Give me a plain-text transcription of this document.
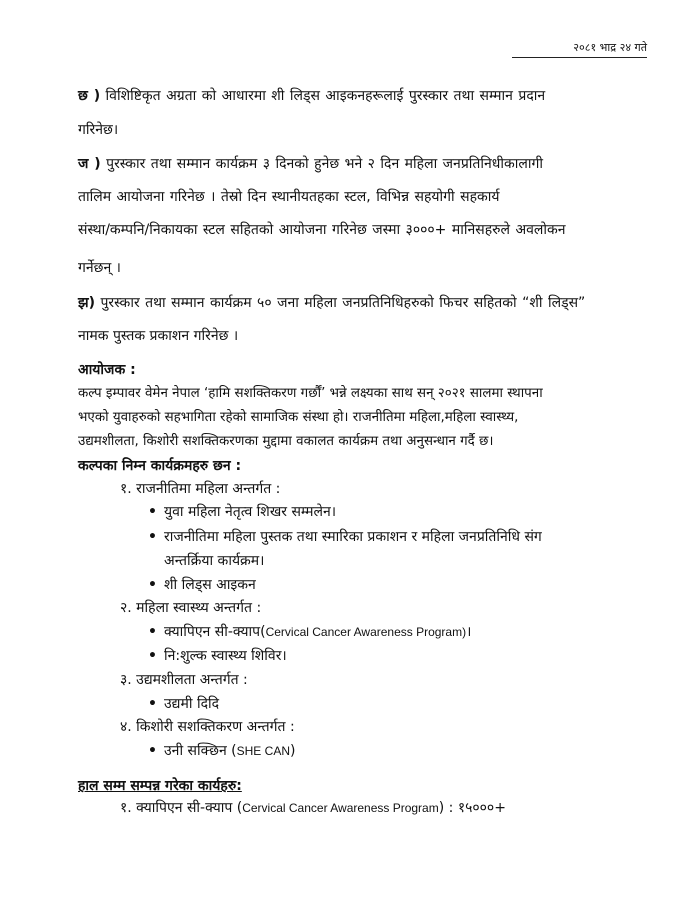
२०८१ भाद्र २४ गते
छ ) विशिष्टिकृत अग्रता को आधारमा शी लिड्स आइकनहरूलाई पुरस्कार तथा सम्मान प्रदान
गरिनेछ।
ज ) पुरस्कार तथा सम्मान कार्यक्रम ३ दिनको हुनेछ भने २ दिन महिला जनप्रतिनिधीकालागी
तालिम आयोजना गरिनेछ । तेस्रो दिन स्थानीयतहका स्टल, विभिन्न सहयोगी सहकार्य
संस्था/कम्पनि/निकायका स्टल सहितको आयोजना गरिनेछ जस्मा ३०००+ मानिसहरुले अवलोकन
गर्नेछन् ।
झ) पुरस्कार तथा सम्मान कार्यक्रम ५० जना महिला जनप्रतिनिधिहरुको फिचर सहितको “शी लिड्स”
नामक पुस्तक प्रकाशन गरिनेछ ।
आयोजक :
कल्प इम्पावर वेमेन नेपाल ‘हामि सशक्तिकरण गर्छौं’ भन्ने लक्ष्यका साथ सन् २०२१ सालमा स्थापना
भएको युवाहरुको सहभागिता रहेको सामाजिक संस्था हो। राजनीतिमा महिला,महिला स्वास्थ्य,
उद्यमशीलता, किशोरी सशक्तिकरणका मुद्दामा वकालत कार्यक्रम तथा अनुसन्धान गर्दै छ।
कल्पका निम्न कार्यक्रमहरु छन :
१. राजनीतिमा महिला अन्तर्गत :
• युवा महिला नेतृत्व शिखर सम्मलेन।
• राजनीतिमा महिला पुस्तक तथा स्मारिका प्रकाशन र महिला जनप्रतिनिधि संग
अन्तर्क्रिया कार्यक्रम।
• शी लिड्स आइकन
२. महिला स्वास्थ्य अन्तर्गत :
• क्यापिएन सी-क्याप(Cervical Cancer Awareness Program)।
• नि:शुल्क स्वास्थ्य शिविर।
३. उद्यमशीलता अन्तर्गत :
• उद्यमी दिदि
४. किशोरी सशक्तिकरण अन्तर्गत :
• उनी सक्छिन (SHE CAN)
हाल सम्म सम्पन्न गरेका कार्यहरु:
१. क्यापिएन सी-क्याप (Cervical Cancer Awareness Program) : १५०००+
